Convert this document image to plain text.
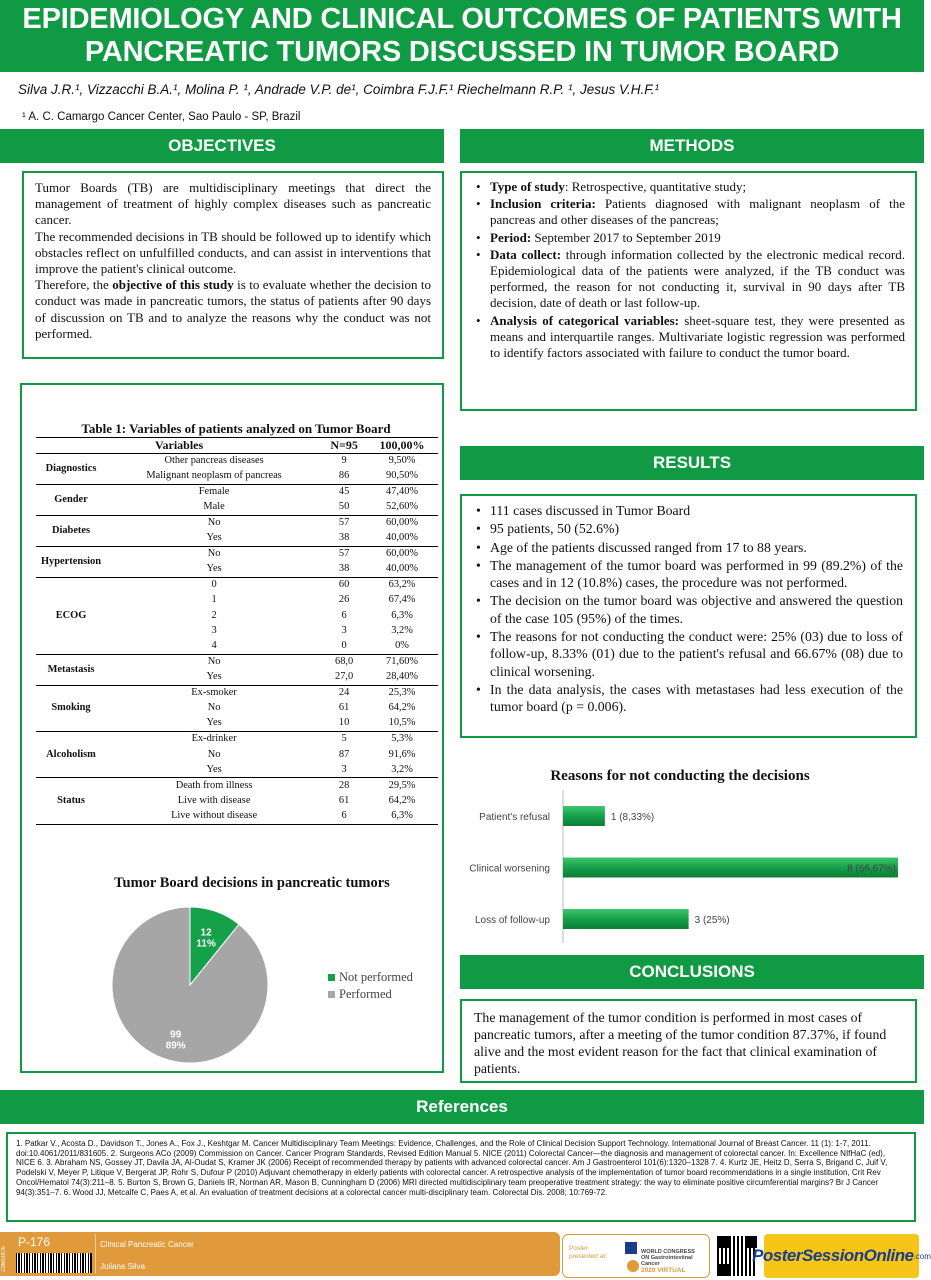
EPIDEMIOLOGY AND CLINICAL OUTCOMES OF PATIENTS WITH PANCREATIC TUMORS DISCUSSED IN TUMOR BOARD
Silva J.R.¹, Vizzacchi B.A.¹, Molina P. ¹, Andrade V.P. de¹, Coimbra F.J.F.¹ Riechelmann R.P. ¹, Jesus V.H.F.¹
¹ A. C. Camargo Cancer Center, Sao Paulo - SP, Brazil
OBJECTIVES

Tumor Boards (TB) are multidisciplinary meetings that direct the management of treatment of highly complex diseases such as pancreatic cancer.

The recommended decisions in TB should be followed up to identify which obstacles reflect on unfulfilled conducts, and can assist in interventions that improve the patient's clinical outcome.

Therefore, the objective of this study is to evaluate whether the decision to conduct was made in pancreatic tumors, the status of patients after 90 days of discussion on TB and to analyze the reasons why the conduct was not performed.

METHODS
• Type of study: Retrospective, quantitative study;
• Inclusion criteria: Patients diagnosed with malignant neoplasm of the pancreas and other diseases of the pancreas;
• Period: September 2017 to September 2019
• Data collect: through information collected by the electronic medical record. Epidemiological data of the patients were analyzed, if the TB conduct was performed, the reason for not conducting it, survival in 90 days after TB decision, date of death or last follow-up.
• Analysis of categorical variables: sheet-square test, they were presented as means and interquartile ranges. Multivariate logistic regression was performed to identify factors associated with failure to conduct the tumor board.
RESULTS
• 111 cases discussed in Tumor Board
• 95 patients, 50 (52.6%)
• Age of the patients discussed ranged from 17 to 88 years.
• The management of the tumor board was performed in 99 (89.2%) of the cases and in 12 (10.8%) cases, the procedure was not performed.
• The decision on the tumor board was objective and answered the question of the case 105 (95%) of the times.
• The reasons for not conducting the conduct were: 25% (03) due to loss of follow-up, 8.33% (01) due to the patient's refusal and 66.67% (08) due to clinical worsening.
• In the data analysis, the cases with metastases had less execution of the tumor board (p = 0.006).
Table 1: Variables of patients analyzed on Tumor Board
Variables		N=95	100,00%
Diagnostics	Other pancreas diseases	9	9,50%
	Malignant neoplasm of pancreas	86	90,50%
Gender	Female	45	47,40%
	Male	50	52,60%
Diabetes	No	57	60,00%
	Yes	38	40,00%
Hypertension	No	57	60,00%
	Yes	38	40,00%
ECOG	0	60	63,2%
	1	26	67,4%
	2	6	6,3%
	3	3	3,2%
	4	0	0%
Metastasis	No	68,0	71,60%
	Yes	27,0	28,40%
Smoking	Ex-smoker	24	25,3%
	No	61	64,2%
	Yes	10	10,5%
Alcoholism	Ex-drinker	5	5,3%
	No	87	91,6%
	Yes	3	3,2%
Status	Death from illness	28	29,5%
	Live with disease	61	64,2%
	Live without disease	6	6,3%
Tumor Board decisions in pancreatic tumors
12
11%
99
89%
Not performed
Performed
Reasons for not conducting the decisions
Patient's refusal	1 (8,33%)
Clinical worsening	8 (66,67%)
Loss of follow-up	3 (25%)
CONCLUSIONS

The management of the tumor condition is performed in most cases of pancreatic tumors, after a meeting of the tumor condition 87.37%, if found alive and the most evident reason for the fact that clinical examination of patients.

References

1. Patkar V., Acosta D., Davidson T., Jones A., Fox J., Keshtgar M. Cancer Multidisciplinary Team Meetings: Evidence, Challenges, and the Role of Clinical Decision Support Technology. International Journal of Breast Cancer. 11 (1): 1-7, 2011. doi:10.4061/2011/831605. 2. Surgeons ACo (2009) Commission on Cancer. Cancer Program Standards, Revised Edition Manual 5. NICE (2011) Colorectal Cancer—the diagnosis and management of colorectal cancer. In: Excellence NIfHaC (ed), NICE 6. 3. Abraham NS, Gossey JT, Davila JA, Al-Oudat S, Kramer JK (2006) Receipt of recommended therapy by patients with advanced colorectal cancer. Am J Gastroenterol 101(6):1320–1328 7. 4. Kurtz JE, Heitz D, Serra S, Brigand C, Juif V, Podelski V, Meyer P, Litique V, Bergerat JP, Rohr S, Dufour P (2010) Adjuvant chemotherapy in elderly patients with colorectal cancer. A retrospective analysis of the implementation of tumor board recommendations in a single institution, Crit Rev Oncol/Hematol 74(3):211–8. 5. Burton S, Brown G, Daniels IR, Norman AR, Mason B, Cunningham D (2006) MRI directed multidisciplinary team preoperative treatment strategy: the way to eliminate positive circumferential margins? Br J Cancer 94(3):351–7. 6. Wood JJ, Metcalfe C, Paes A, et al. An evaluation of treatment decisions at a colorectal cancer multi-disciplinary team. Colorectal Dis. 2008; 10:769-72.

23MGIC6
P-176	Clinical Pancreatic Cancer
Juliana Silva
Poster presented at:
WORLD CONGRESS ON Gastrointestinal Cancer
2020 VIRTUAL
PosterSessionOnline .com
